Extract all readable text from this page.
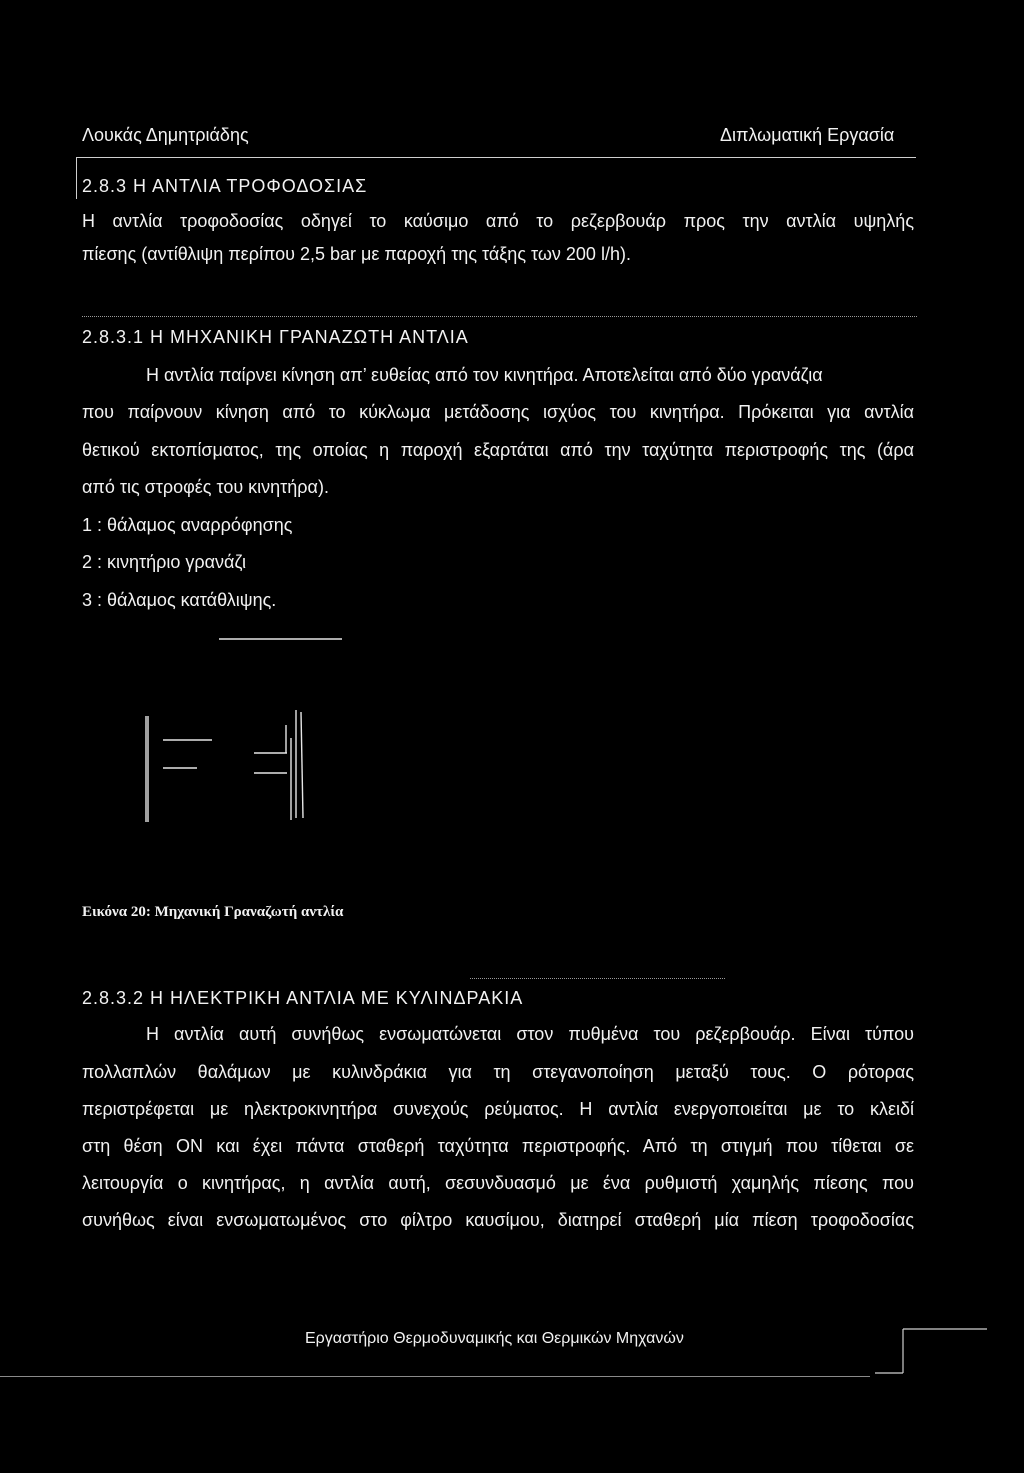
Λουκάς Δημητριάδης	Διπλωματική Εργασία
2.8.3 Η ΑΝΤΛΙΑ ΤΡΟΦΟΔΟΣΙΑΣ
Η αντλία τροφοδοσίας οδηγεί το καύσιμο από το ρεζερβουάρ προς την αντλία υψηλής
πίεσης (αντίθλιψη περίπου 2,5 bar με παροχή της τάξης των 200 l/h).
2.8.3.1 Η ΜΗΧΑΝΙΚΗ ΓΡΑΝΑΖΩΤΗ ΑΝΤΛΙΑ
Η αντλία παίρνει κίνηση απ’ ευθείας από τον κινητήρα. Αποτελείται από δύο γρανάζια
που παίρνουν κίνηση από το κύκλωμα μετάδοσης ισχύος του κινητήρα. Πρόκειται για αντλία
θετικού εκτοπίσματος, της οποίας η παροχή εξαρτάται από την ταχύτητα περιστροφής της (άρα
από τις στροφές του κινητήρα).
1 : θάλαμος αναρρόφησης
2 : κινητήριο γρανάζι
3 : θάλαμος κατάθλιψης.
Εικόνα 20: Μηχανική Γραναζωτή αντλία
2.8.3.2 Η ΗΛΕΚΤΡΙΚΗ ΑΝΤΛΙΑ ΜΕ ΚΥΛΙΝΔΡΑΚΙΑ
Η αντλία αυτή συνήθως ενσωματώνεται στον πυθμένα του ρεζερβουάρ. Είναι τύπου
πολλαπλών θαλάμων με κυλινδράκια για τη στεγανοποίηση μεταξύ τους. Ο ρότορας
περιστρέφεται με ηλεκτροκινητήρα συνεχούς ρεύματος. Η αντλία ενεργοποιείται με το κλειδί
στη θέση ΟΝ και έχει πάντα σταθερή ταχύτητα περιστροφής. Από τη στιγμή που τίθεται σε
λειτουργία ο κινητήρας, η αντλία αυτή, σεσυνδυασμό με ένα ρυθμιστή χαμηλής πίεσης που
συνήθως είναι ενσωματωμένος στο φίλτρο καυσίμου, διατηρεί σταθερή μία πίεση τροφοδοσίας
Εργαστήριο Θερμοδυναμικής και Θερμικών Μηχανών
